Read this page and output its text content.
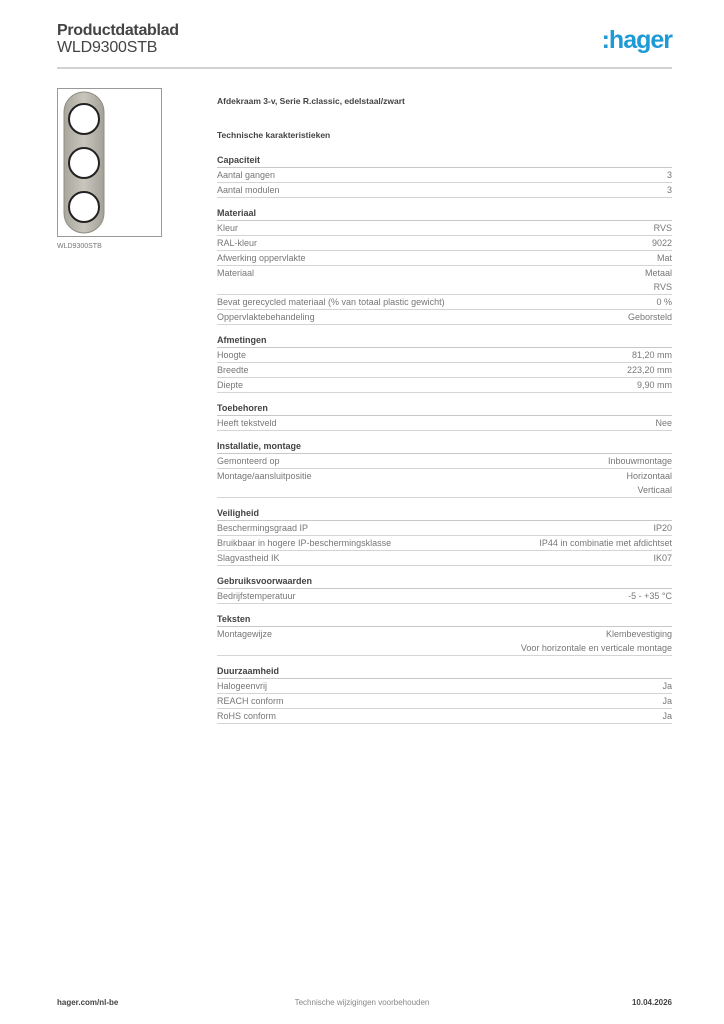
Productdatablad
WLD9300STB	:hager
WLD9300STB
Afdekraam 3-v, Serie R.classic, edelstaal/zwart
Technische karakteristieken
Capaciteit
Aantal gangen	3
Aantal modulen	3
Materiaal
Kleur	RVS
RAL-kleur	9022
Afwerking oppervlakte	Mat
Materiaal	Metaal
RVS
Bevat gerecycled materiaal (% van totaal plastic gewicht)	0 %
Oppervlaktebehandeling	Geborsteld
Afmetingen
Hoogte	81,20 mm
Breedte	223,20 mm
Diepte	9,90 mm
Toebehoren
Heeft tekstveld	Nee
Installatie, montage
Gemonteerd op	Inbouwmontage
Montage/aansluitpositie	Horizontaal
Verticaal
Veiligheid
Beschermingsgraad IP	IP20
Bruikbaar in hogere IP-beschermingsklasse	IP44 in combinatie met afdichtset
Slagvastheid IK	IK07
Gebruiksvoorwaarden
Bedrijfstemperatuur	-5 - +35 °C
Teksten
Montagewijze	Klembevestiging
Voor horizontale en verticale montage
Duurzaamheid
Halogeenvrij	Ja
REACH conform	Ja
RoHS conform	Ja
hager.com/nl-be	Technische wijzigingen voorbehouden	10.04.2026
